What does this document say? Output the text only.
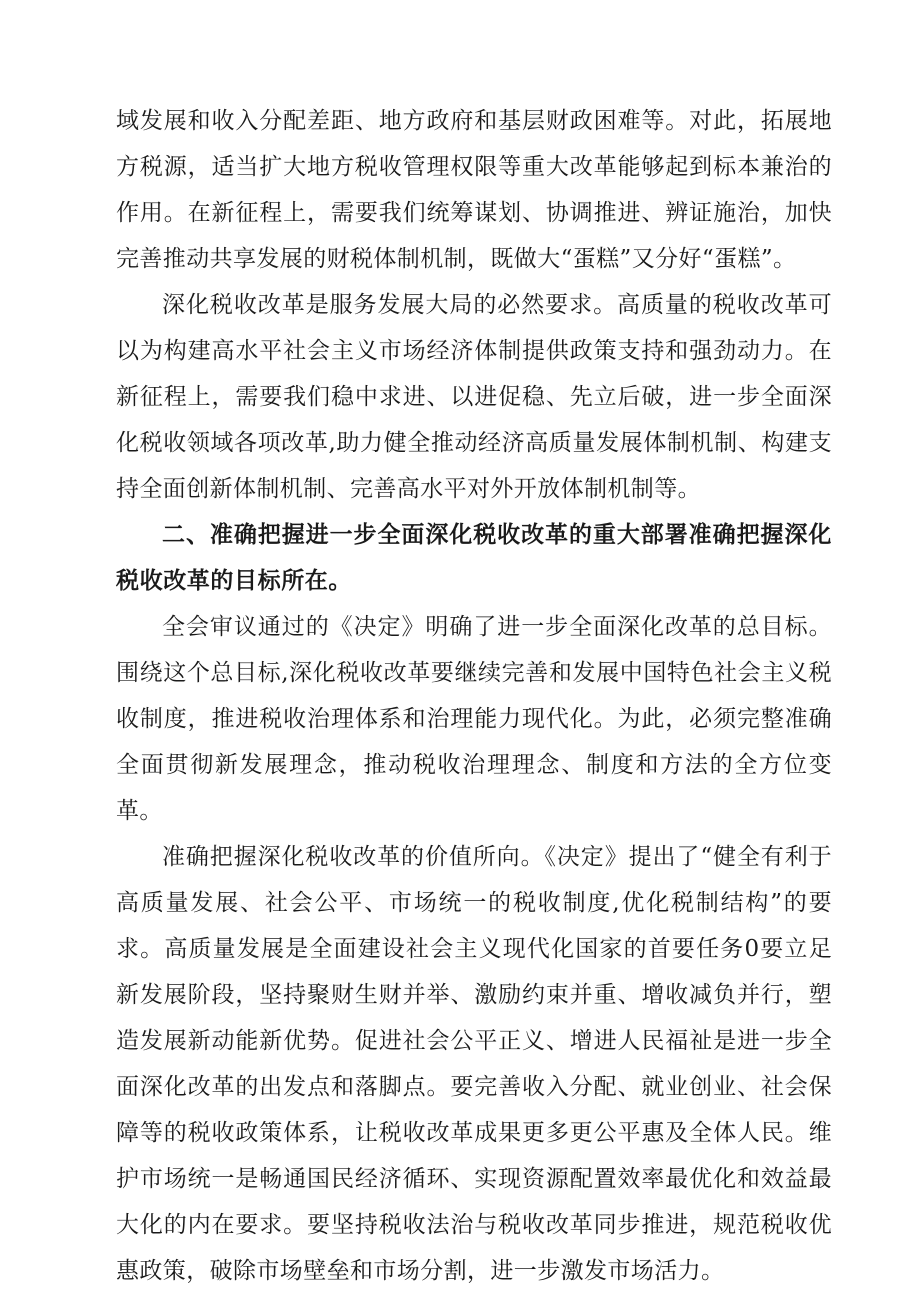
域发展和收入分配差距、地方政府和基层财政困难等。对此，拓展地方税源，适当扩大地方税收管理权限等重大改革能够起到标本兼治的作用。在新征程上，需要我们统筹谋划、协调推进、辨证施治，加快完善推动共享发展的财税体制机制，既做大“蛋糕”又分好“蛋糕”。

深化税收改革是服务发展大局的必然要求。高质量的税收改革可以为构建高水平社会主义市场经济体制提供政策支持和强劲动力。在新征程上，需要我们稳中求进、以进促稳、先立后破，进一步全面深化税收领域各项改革,助力健全推动经济高质量发展体制机制、构建支持全面创新体制机制、完善高水平对外开放体制机制等。

二、准确把握进一步全面深化税收改革的重大部署准确把握深化税收改革的目标所在。

全会审议通过的《决定》明确了进一步全面深化改革的总目标。围绕这个总目标,深化税收改革要继续完善和发展中国特色社会主义税收制度，推进税收治理体系和治理能力现代化。为此，必须完整准确全面贯彻新发展理念，推动税收治理理念、制度和方法的全方位变革。

准确把握深化税收改革的价值所向。《决定》提出了“健全有利于高质量发展、社会公平、市场统一的税收制度,优化税制结构”的要求。高质量发展是全面建设社会主义现代化国家的首要任务0要立足新发展阶段，坚持聚财生财并举、激励约束并重、增收减负并行，塑造发展新动能新优势。促进社会公平正义、增进人民福祉是进一步全面深化改革的出发点和落脚点。要完善收入分配、就业创业、社会保障等的税收政策体系，让税收改革成果更多更公平惠及全体人民。维护市场统一是畅通国民经济循环、实现资源配置效率最优化和效益最大化的内在要求。要坚持税收法治与税收改革同步推进，规范税收优惠政策，破除市场壁垒和市场分割，进一步激发市场活力。
